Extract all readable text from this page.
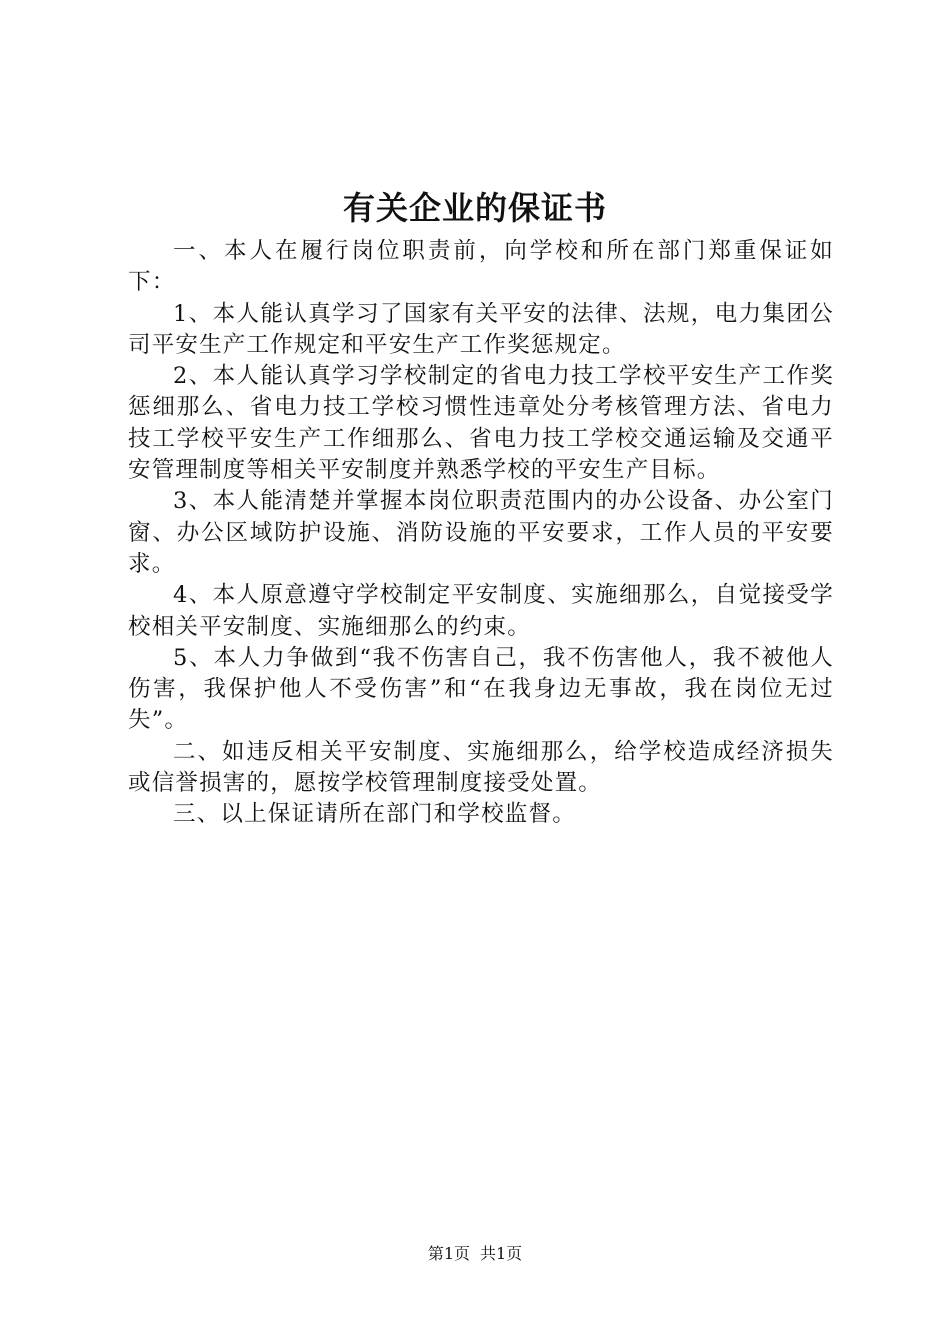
有关企业的保证书

一、本人在履行岗位职责前，向学校和所在部门郑重保证如下：

1、本人能认真学习了国家有关平安的法律、法规，电力集团公司平安生产工作规定和平安生产工作奖惩规定。

2、本人能认真学习学校制定的省电力技工学校平安生产工作奖惩细那么、省电力技工学校习惯性违章处分考核管理方法、省电力技工学校平安生产工作细那么、省电力技工学校交通运输及交通平安管理制度等相关平安制度并熟悉学校的平安生产目标。

3、本人能清楚并掌握本岗位职责范围内的办公设备、办公室门窗、办公区域防护设施、消防设施的平安要求，工作人员的平安要求。

4、本人原意遵守学校制定平安制度、实施细那么，自觉接受学校相关平安制度、实施细那么的约束。

5、本人力争做到“我不伤害自己，我不伤害他人，我不被他人伤害，我保护他人不受伤害”和“在我身边无事故，我在岗位无过失”。

二、如违反相关平安制度、实施细那么，给学校造成经济损失或信誉损害的，愿按学校管理制度接受处置。

三、以上保证请所在部门和学校监督。

第1页 共1页
